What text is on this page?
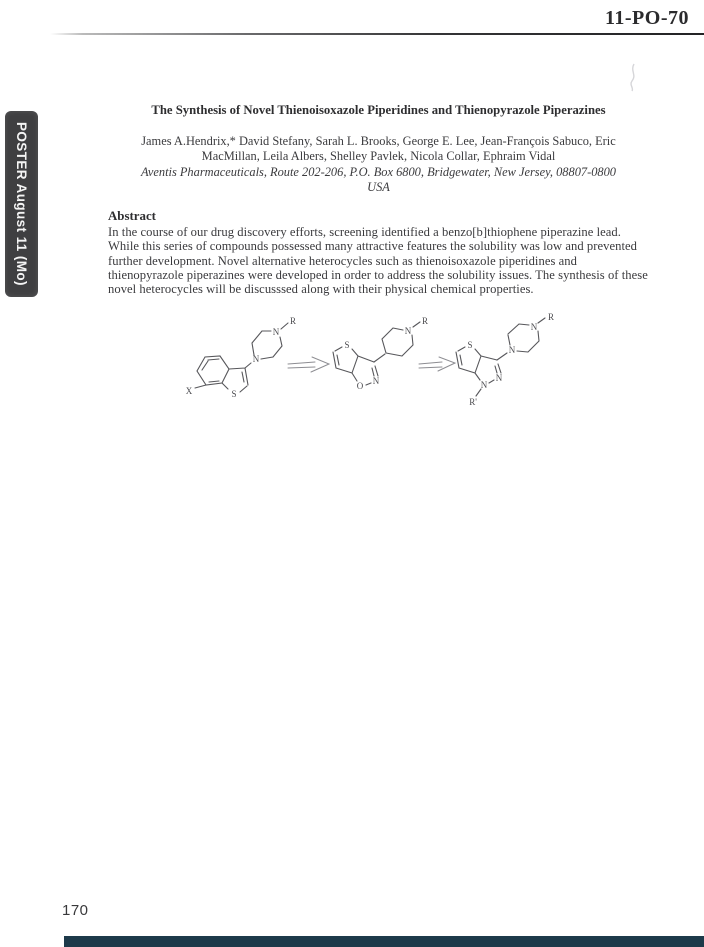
11-PO-70
POSTER August 11 (Mo)
The Synthesis of Novel Thienoisoxazole Piperidines and Thienopyrazole Piperazines

James A.Hendrix,* David Stefany, Sarah L. Brooks, George E. Lee, Jean-François Sabuco, Eric

MacMillan, Leila Albers, Shelley Pavlek, Nicola Collar, Ephraim Vidal

Aventis Pharmaceuticals, Route 202-206, P.O. Box 6800, Bridgewater, New Jersey, 08807-0800

USA

Abstract

In the course of our drug discovery efforts, screening identified a benzo[b]thiophene piperazine lead. While this series of compounds possessed many attractive features the solubility was low and prevented further development. Novel alternative heterocycles such as thienoisoxazole piperidines and thienopyrazole piperazines were developed in order to address the solubility issues. The synthesis of these novel heterocycles will be discusssed along with their physical chemical properties.

X	S
N
N
R
S
O N
N
R
S
N
N
N
N
R
R'
170
